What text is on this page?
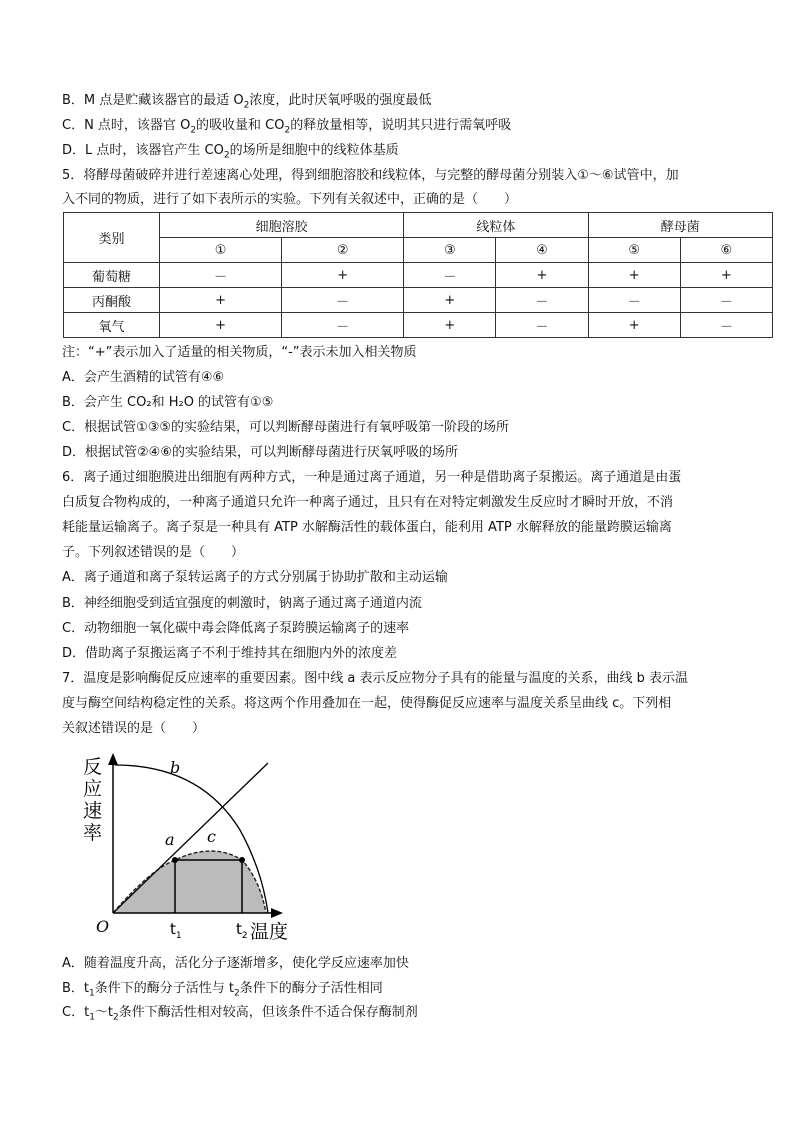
B．M 点是贮藏该器官的最适 $O_2$浓度，此时厌氧呼吸的强度最低
C．N 点时，该器官 $O_2$的吸收量和 $CO_2$的释放量相等，说明其只进行需氧呼吸
D．L 点时，该器官产生 $CO_2$的场所是细胞中的线粒体基质
5．将酵母菌破碎并进行差速离心处理，得到细胞溶胶和线粒体，与完整的酵母菌分别装入①～⑥试管中，加
入不同的物质，进行了如下表所示的实验。下列有关叙述中，正确的是（　　）
类别	细胞溶胶		线粒体		酵母菌	
	①	②	③	④	⑤	⑥
葡萄糖	－	+	－	+	+	+
丙酮酸	+	－	+	－	－	－
氧气	+	－	+	－	+	－
注：“+”表示加入了适量的相关物质，“-”表示未加入相关物质
A．会产生酒精的试管有④⑥
B．会产生 CO₂和 H₂O 的试管有①⑤
C．根据试管①③⑤的实验结果，可以判断酵母菌进行有氧呼吸第一阶段的场所
D．根据试管②④⑥的实验结果，可以判断酵母菌进行厌氧呼吸的场所
6．离子通过细胞膜进出细胞有两种方式，一种是通过离子通道，另一种是借助离子泵搬运。离子通道是由蛋
白质复合物构成的，一种离子通道只允许一种离子通过，且只有在对特定刺激发生反应时才瞬时开放，不消
耗能量运输离子。离子泵是一种具有 ATP 水解酶活性的载体蛋白，能利用 ATP 水解释放的能量跨膜运输离
子。下列叙述错误的是（　　）
A．离子通道和离子泵转运离子的方式分别属于协助扩散和主动运输
B．神经细胞受到适宜强度的刺激时，钠离子通过离子通道内流
C．动物细胞一氧化碳中毒会降低离子泵跨膜运输离子的速率
D．借助离子泵搬运离子不利于维持其在细胞内外的浓度差
7．温度是影响酶促反应速率的重要因素。图中线 a 表示反应物分子具有的能量与温度的关系，曲线 b 表示温
度与酶空间结构稳定性的关系。将这两个作用叠加在一起，使得酶促反应速率与温度关系呈曲线 c。下列相
关叙述错误的是（　　）
反
应
速
率
温度
O
a
b
c
$t_1$	$t_2$
A．随着温度升高，活化分子逐渐增多，使化学反应速率加快
B．$t_1$条件下的酶分子活性与 $t_2$条件下的酶分子活性相同
C．$t_1\sim t_2$条件下酶活性相对较高，但该条件不适合保存酶制剂
